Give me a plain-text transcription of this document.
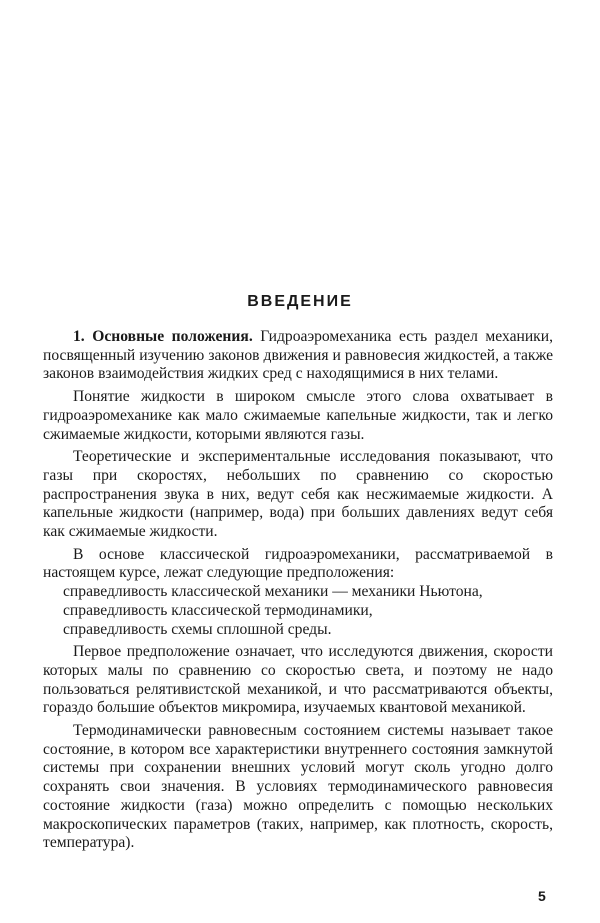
ВВЕДЕНИЕ

1. Основные положения. Гидроаэромеханика есть раздел механики, посвященный изучению законов движения и равновесия жидкостей, а также законов взаимодействия жидких сред с находящимися в них телами.

Понятие жидкости в широком смысле этого слова охватывает в гидроаэромеханике как мало сжимаемые капельные жидкости, так и легко сжимаемые жидкости, которыми являются газы.

Теоретические и экспериментальные исследования показывают, что газы при скоростях, небольших по сравнению со скоростью распространения звука в них, ведут себя как несжимаемые жидкости. А капельные жидкости (например, вода) при больших давлениях ведут себя как сжимаемые жидкости.

В основе классической гидроаэромеханики, рассматриваемой в настоящем курсе, лежат следующие предположения:

справедливость классической механики — механики Ньютона,
справедливость классической термодинамики,
справедливость схемы сплошной среды.

Первое предположение означает, что исследуются движения, скорости которых малы по сравнению со скоростью света, и поэтому не надо пользоваться релятивистской механикой, и что рассматриваются объекты, гораздо большие объектов микромира, изучаемых квантовой механикой.

Термодинамически равновесным состоянием системы называет такое состояние, в котором все характеристики внутреннего состояния замкнутой системы при сохранении внешних условий могут сколь угодно долго сохранять свои значения. В условиях термодинамического равновесия состояние жидкости (газа) можно определить с помощью нескольких макроскопических параметров (таких, например, как плотность, скорость, температура).

5
